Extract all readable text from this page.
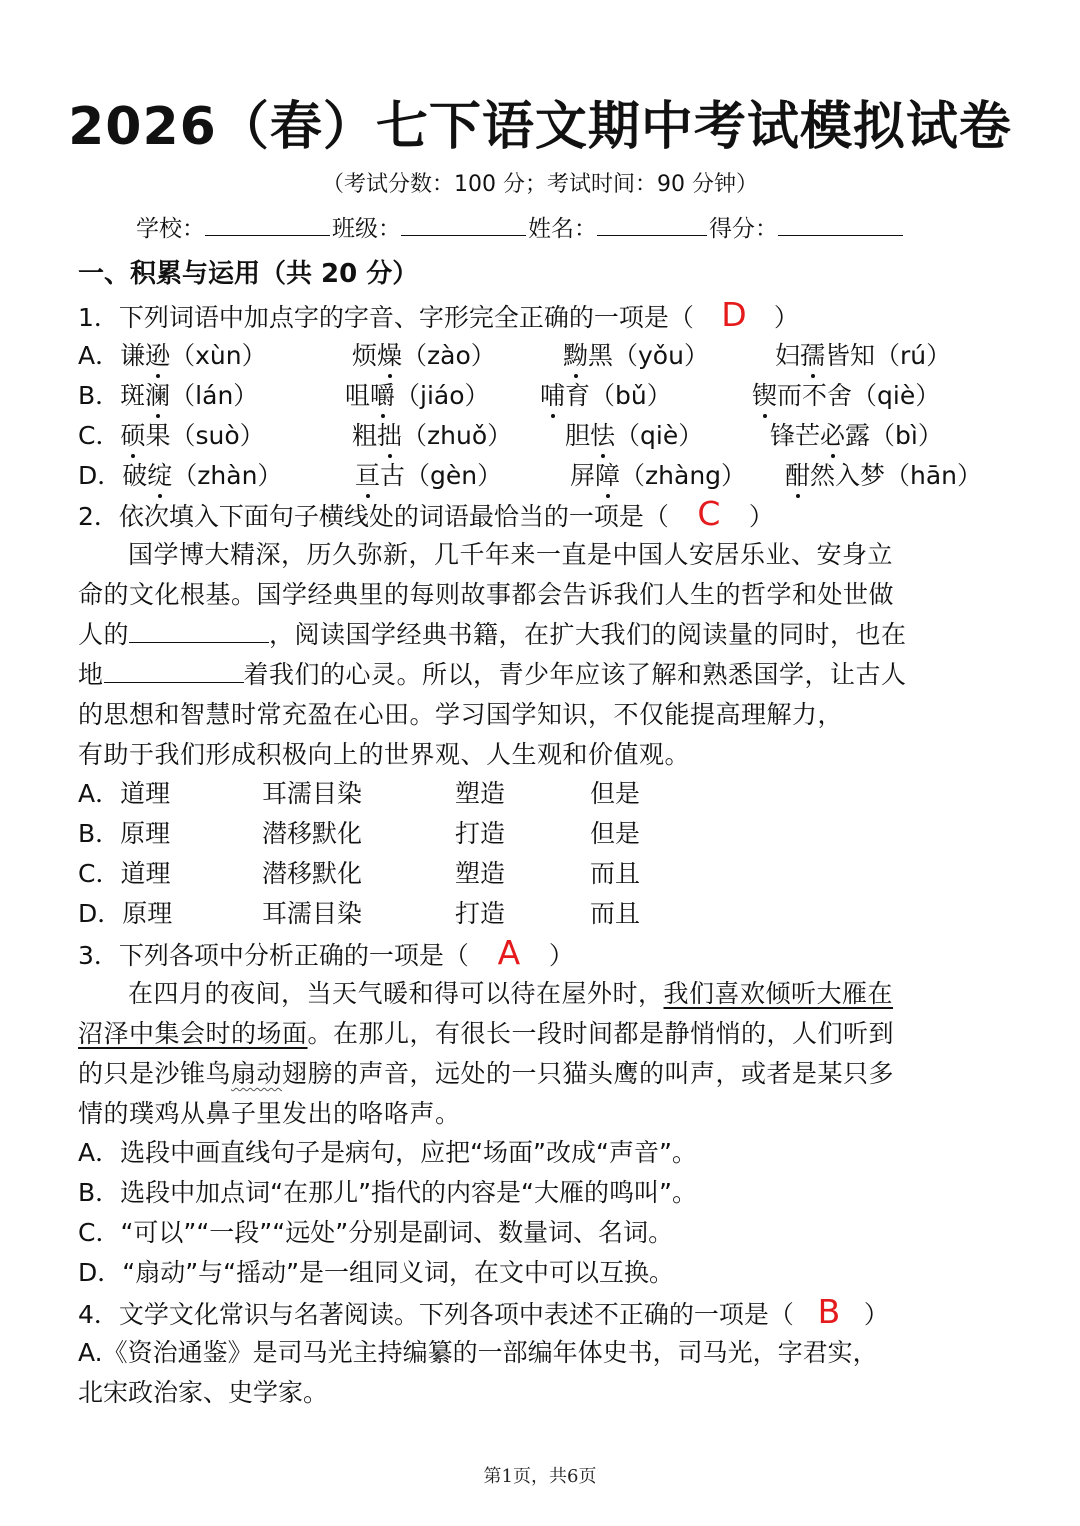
2026（春）七下语文期中考试模拟试卷
（考试分数：100 分；考试时间：90 分钟）
学校：	班级：	姓名：	得分：
一、积累与运用（共 20 分）
1．下列词语中加点字的字音、字形完全正确的一项是（ D ）
A．谦逊（xùn）	烦燥（zào）	黝黑（yǒu）	妇孺皆知（rú）
B．斑澜（lán）	咀嚼（jiáo） 哺育（bǔ）	锲而不舍（qiè）
C．硕果（suò）	粗拙（zhuǒ） 胆怯（qiè）	锋芒必露（bì）
D．破绽（zhàn）	亘古（gèn）	屏障（zhàng） 酣然入梦（hān）
2．依次填入下面句子横线处的词语最恰当的一项是（ C ）
国学博大精深，历久弥新，几千年来一直是中国人安居乐业、安身立
命的文化根基。国学经典里的每则故事都会告诉我们人生的哲学和处世做
人的	，阅读国学经典书籍，在扩大我们的阅读量的同时，也在
地	着我们的心灵。所以，青少年应该了解和熟悉国学，让古人
的思想和智慧时常充盈在心田。学习国学知识，不仅能提高理解力，
有助于我们形成积极向上的世界观、人生观和价值观。
A．道理	耳濡目染	塑造	但是
B．原理	潜移默化	打造	但是
C．道理	潜移默化	塑造	而且
D．原理	耳濡目染	打造	而且
3．下列各项中分析正确的一项是（ A ）
在四月的夜间，当天气暖和得可以待在屋外时，我们喜欢倾听大雁在
沼泽中集会时的场面。在那儿，有很长一段时间都是静悄悄的，人们听到
的只是沙锥鸟扇动翅膀的声音，远处的一只猫头鹰的叫声，或者是某只多
情的璞鸡从鼻子里发出的咯咯声。
A．选段中画直线句子是病句，应把“场面”改成“声音”。
B．选段中加点词“在那儿”指代的内容是“大雁的鸣叫”。
C．“可以”“一段”“远处”分别是副词、数量词、名词。
D．“扇动”与“摇动”是一组同义词，在文中可以互换。
4．文学文化常识与名著阅读。下列各项中表述不正确的一项是（ B ）
A.《资治通鉴》是司马光主持编纂的一部编年体史书，司马光，字君实，
北宋政治家、史学家。
第1页，共6页
